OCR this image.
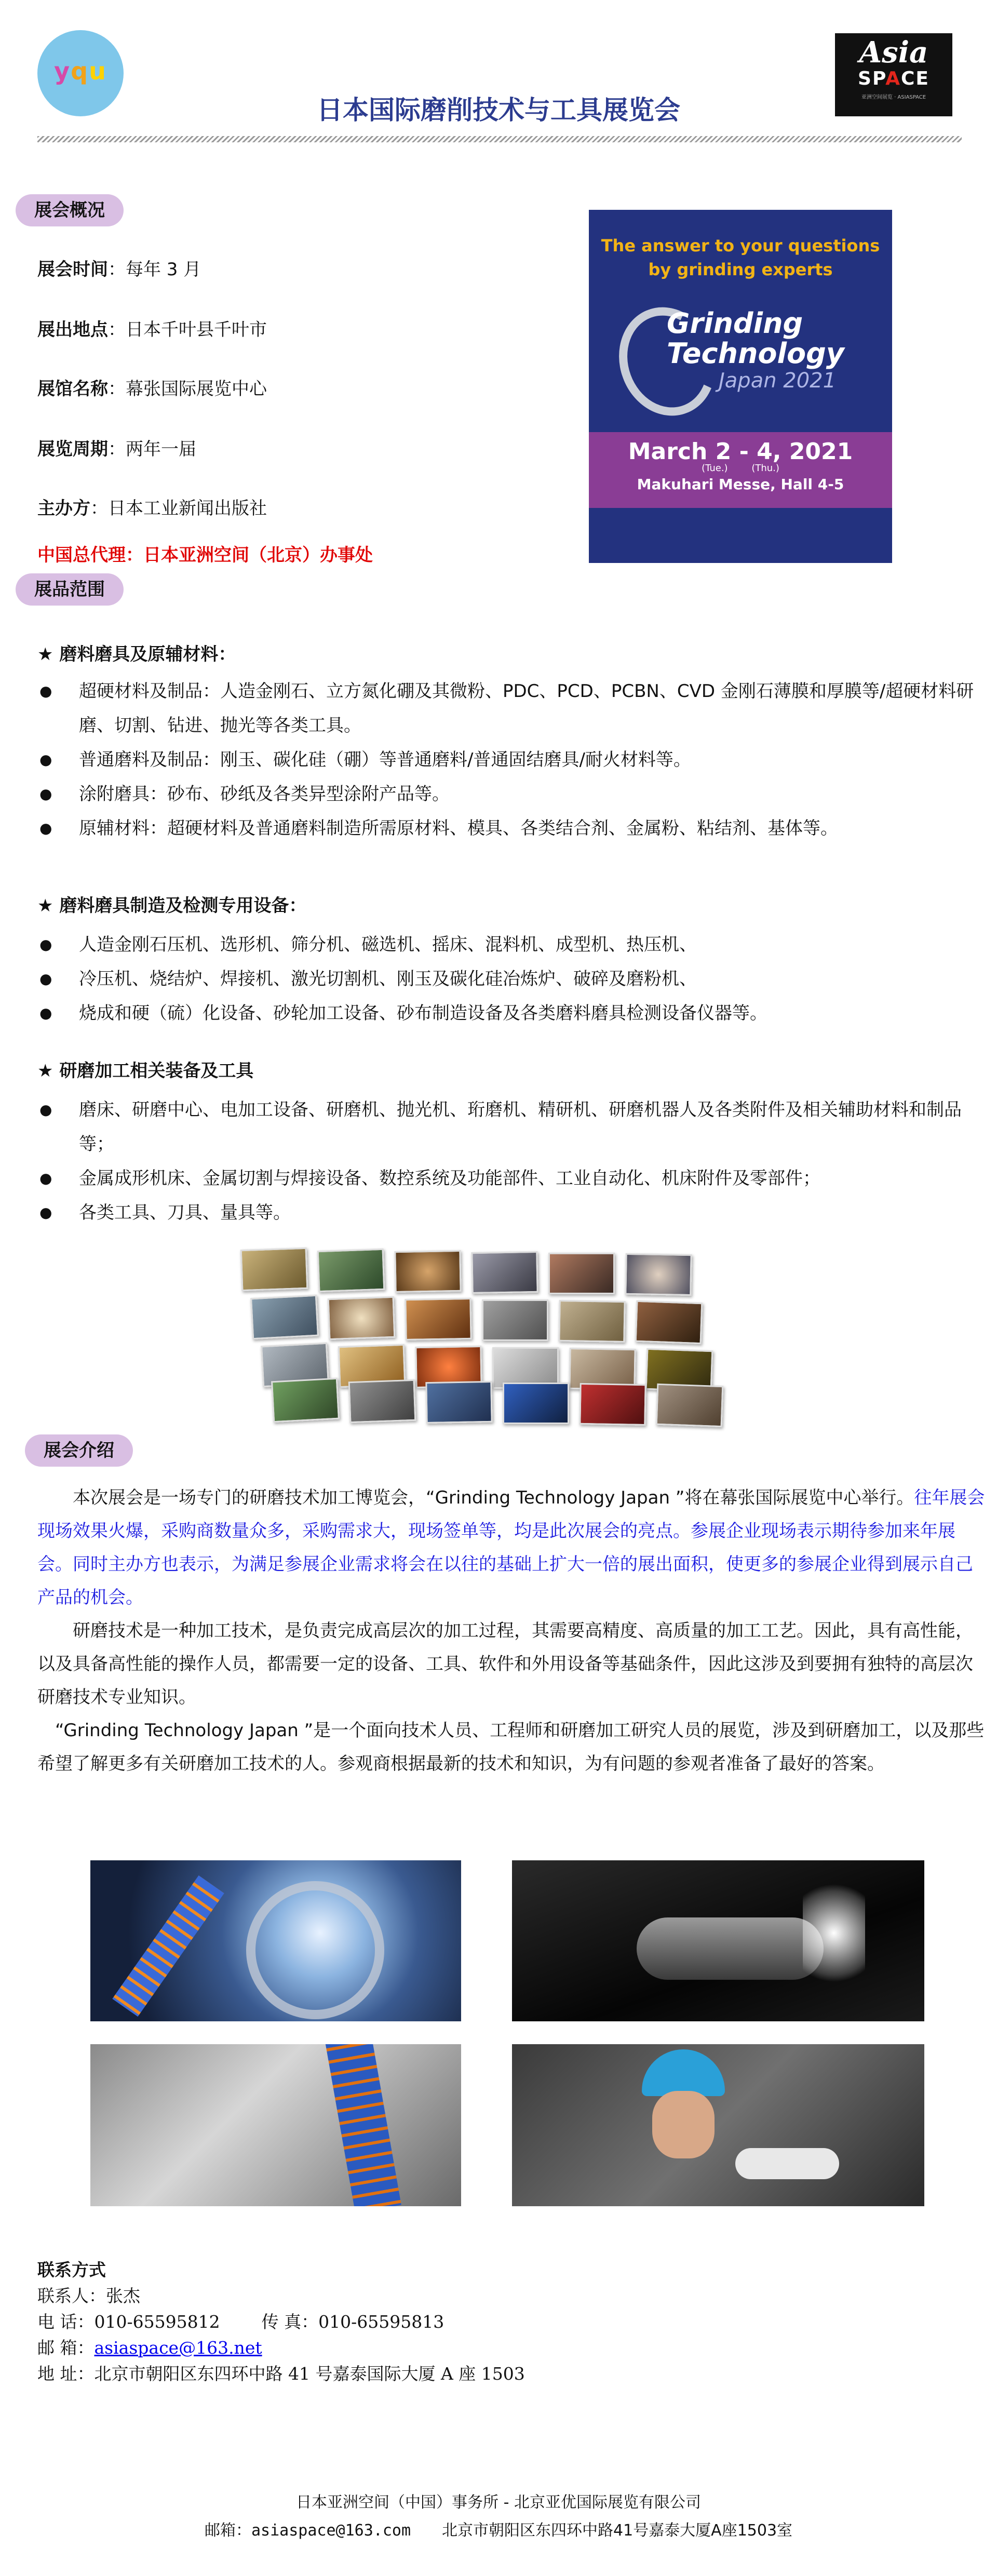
yqu
Asia
SPACE
亚洲空间展览 · ASIASPACE
日本国际磨削技术与工具展览会
展会概况
展会时间：每年 3 月
展出地点：日本千叶县千叶市
展馆名称：幕张国际展览中心
展览周期：两年一届
主办方：日本工业新闻出版社
中国总代理：日本亚洲空间（北京）办事处
The answer to your questions
by grinding experts
Grinding
Technology
Japan 2021
March 2 - 4, 2021
(Tue.)        (Thu.)
Makuhari Messe, Hall 4-5
展品范围
★ 磨料磨具及原辅材料：
● 超硬材料及制品：人造金刚石、立方氮化硼及其微粉、PDC、PCD、PCBN、CVD 金刚石薄膜和厚膜等/超硬材料研磨、切割、钻进、抛光等各类工具。
● 普通磨料及制品：刚玉、碳化硅（硼）等普通磨料/普通固结磨具/耐火材料等。
● 涂附磨具：砂布、砂纸及各类异型涂附产品等。
● 原辅材料：超硬材料及普通磨料制造所需原材料、模具、各类结合剂、金属粉、粘结剂、基体等。
★ 磨料磨具制造及检测专用设备：
● 人造金刚石压机、选形机、筛分机、磁选机、摇床、混料机、成型机、热压机、
● 冷压机、烧结炉、焊接机、激光切割机、刚玉及碳化硅冶炼炉、破碎及磨粉机、
● 烧成和硬（硫）化设备、砂轮加工设备、砂布制造设备及各类磨料磨具检测设备仪器等。
★ 研磨加工相关装备及工具
● 磨床、研磨中心、电加工设备、研磨机、抛光机、珩磨机、精研机、研磨机器人及各类附件及相关辅助材料和制品等；
● 金属成形机床、金属切割与焊接设备、数控系统及功能部件、工业自动化、机床附件及零部件；
● 各类工具、刀具、量具等。
展会介绍

本次展会是一场专门的研磨技术加工博览会，“Grinding Technology Japan ”将在幕张国际展览中心举行。往年展会现场效果火爆，采购商数量众多，采购需求大，现场签单等，均是此次展会的亮点。参展企业现场表示期待参加来年展会。同时主办方也表示，为满足参展企业需求将会在以往的基础上扩大一倍的展出面积，使更多的参展企业得到展示自己产品的机会。

研磨技术是一种加工技术，是负责完成高层次的加工过程，其需要高精度、高质量的加工工艺。因此，具有高性能，以及具备高性能的操作人员，都需要一定的设备、工具、软件和外用设备等基础条件，因此这涉及到要拥有独特的高层次研磨技术专业知识。

“Grinding Technology Japan ”是一个面向技术人员、工程师和研磨加工研究人员的展览，涉及到研磨加工，以及那些希望了解更多有关研磨加工技术的人。参观商根据最新的技术和知识，为有问题的参观者准备了最好的答案。

联系方式
联系人：张杰
电 话：010-65595812 传 真：010-65595813
邮 箱：asiaspace@163.net
地 址：北京市朝阳区东四环中路 41 号嘉泰国际大厦 A 座 1503
日本亚洲空间（中国）事务所 - 北京亚优国际展览有限公司
邮箱：asiaspace@163.com 北京市朝阳区东四环中路41号嘉泰大厦A座1503室
